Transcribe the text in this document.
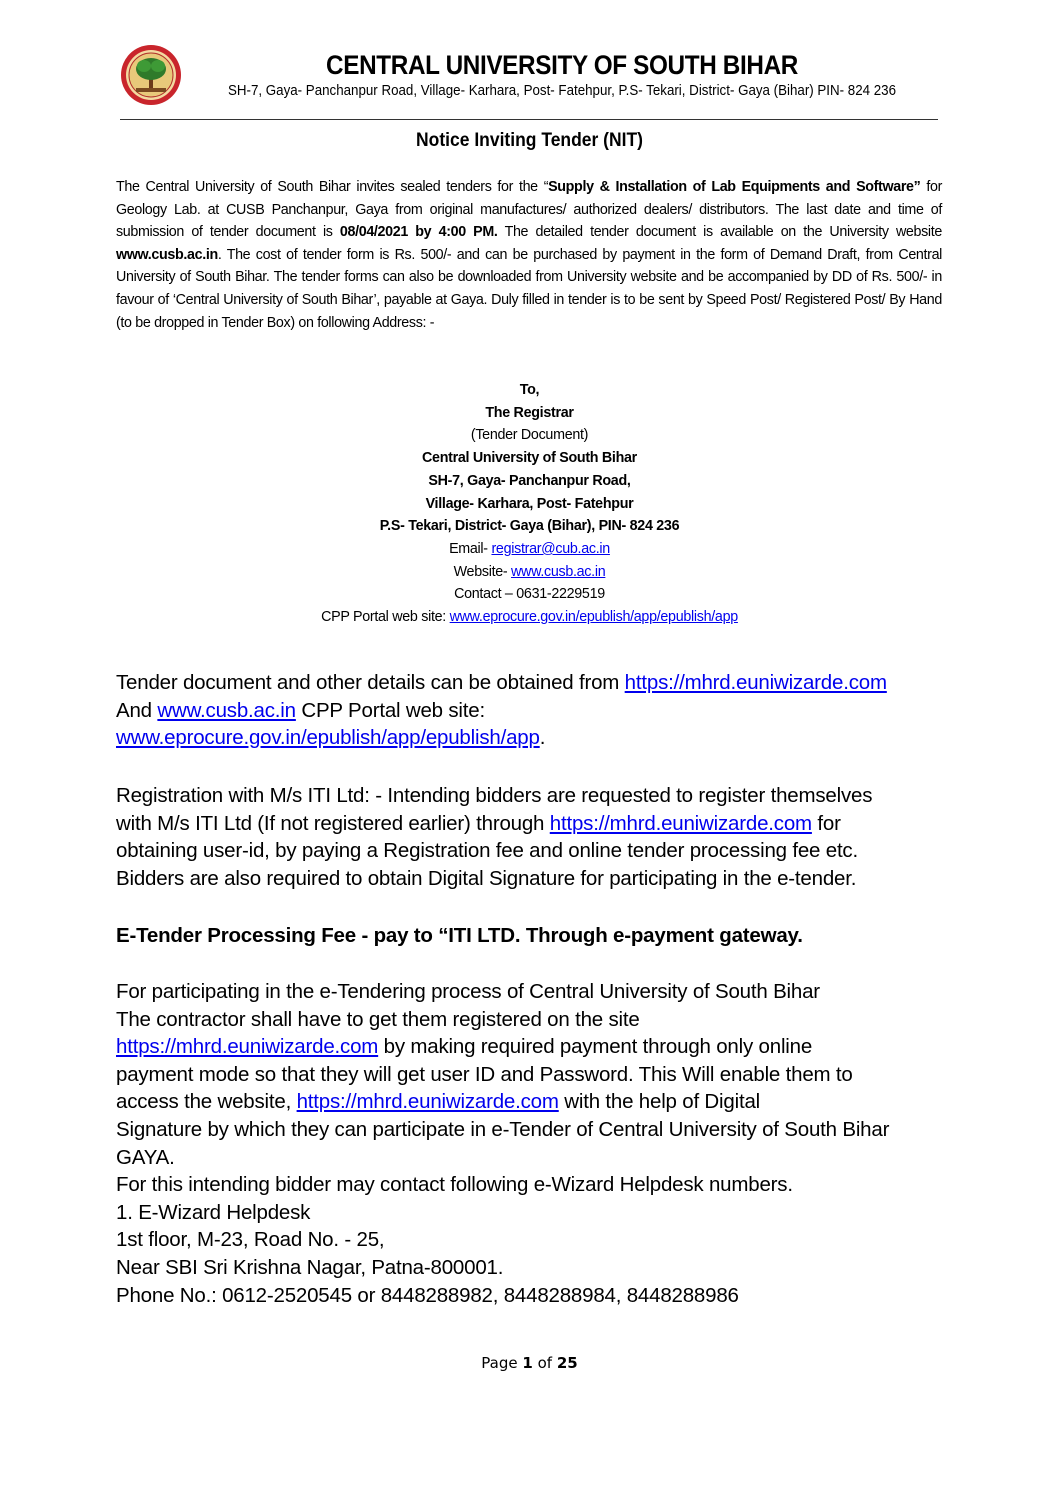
CENTRAL UNIVERSITY OF SOUTH BIHAR
SH-7, Gaya- Panchanpur Road, Village- Karhara, Post- Fatehpur, P.S- Tekari, District- Gaya (Bihar) PIN- 824 236
Notice Inviting Tender (NIT)
The Central University of South Bihar invites sealed tenders for the “Supply & Installation of Lab Equipments and Software” for Geology Lab. at CUSB Panchanpur, Gaya from original manufactures/ authorized dealers/ distributors. The last date and time of submission of tender document is 08/04/2021 by 4:00 PM. The detailed tender document is available on the University website www.cusb.ac.in. The cost of tender form is Rs. 500/- and can be purchased by payment in the form of Demand Draft, from Central University of South Bihar. The tender forms can also be downloaded from University website and be accompanied by DD of Rs. 500/- in favour of ‘Central University of South Bihar’, payable at Gaya. Duly filled in tender is to be sent by Speed Post/ Registered Post/ By Hand (to be dropped in Tender Box) on following Address: -
To,
The Registrar
(Tender Document)
Central University of South Bihar
SH-7, Gaya- Panchanpur Road,
Village- Karhara, Post- Fatehpur
P.S- Tekari, District- Gaya (Bihar), PIN- 824 236
Email- registrar@cub.ac.in
Website- www.cusb.ac.in
Contact – 0631-2229519
CPP Portal web site: www.eprocure.gov.in/epublish/app/epublish/app
Tender document and other details can be obtained from https://mhrd.euniwizarde.com
And www.cusb.ac.in CPP Portal web site:
www.eprocure.gov.in/epublish/app/epublish/app.
Registration with M/s ITI Ltd: - Intending bidders are requested to register themselves
with M/s ITI Ltd (If not registered earlier) through https://mhrd.euniwizarde.com for
obtaining user-id, by paying a Registration fee and online tender processing fee etc.
Bidders are also required to obtain Digital Signature for participating in the e-tender.
E-Tender Processing Fee - pay to “ITI LTD. Through e-payment gateway.
For participating in the e-Tendering process of Central University of South Bihar
The contractor shall have to get them registered on the site
https://mhrd.euniwizarde.com by making required payment through only online
payment mode so that they will get user ID and Password. This Will enable them to
access the website, https://mhrd.euniwizarde.com with the help of Digital
Signature by which they can participate in e-Tender of Central University of South Bihar
GAYA.
For this intending bidder may contact following e-Wizard Helpdesk numbers.
1. E-Wizard Helpdesk
1st floor, M-23, Road No. - 25,
Near SBI Sri Krishna Nagar, Patna-800001.
Phone No.: 0612-2520545 or 8448288982, 8448288984, 8448288986
Page 1 of 25
